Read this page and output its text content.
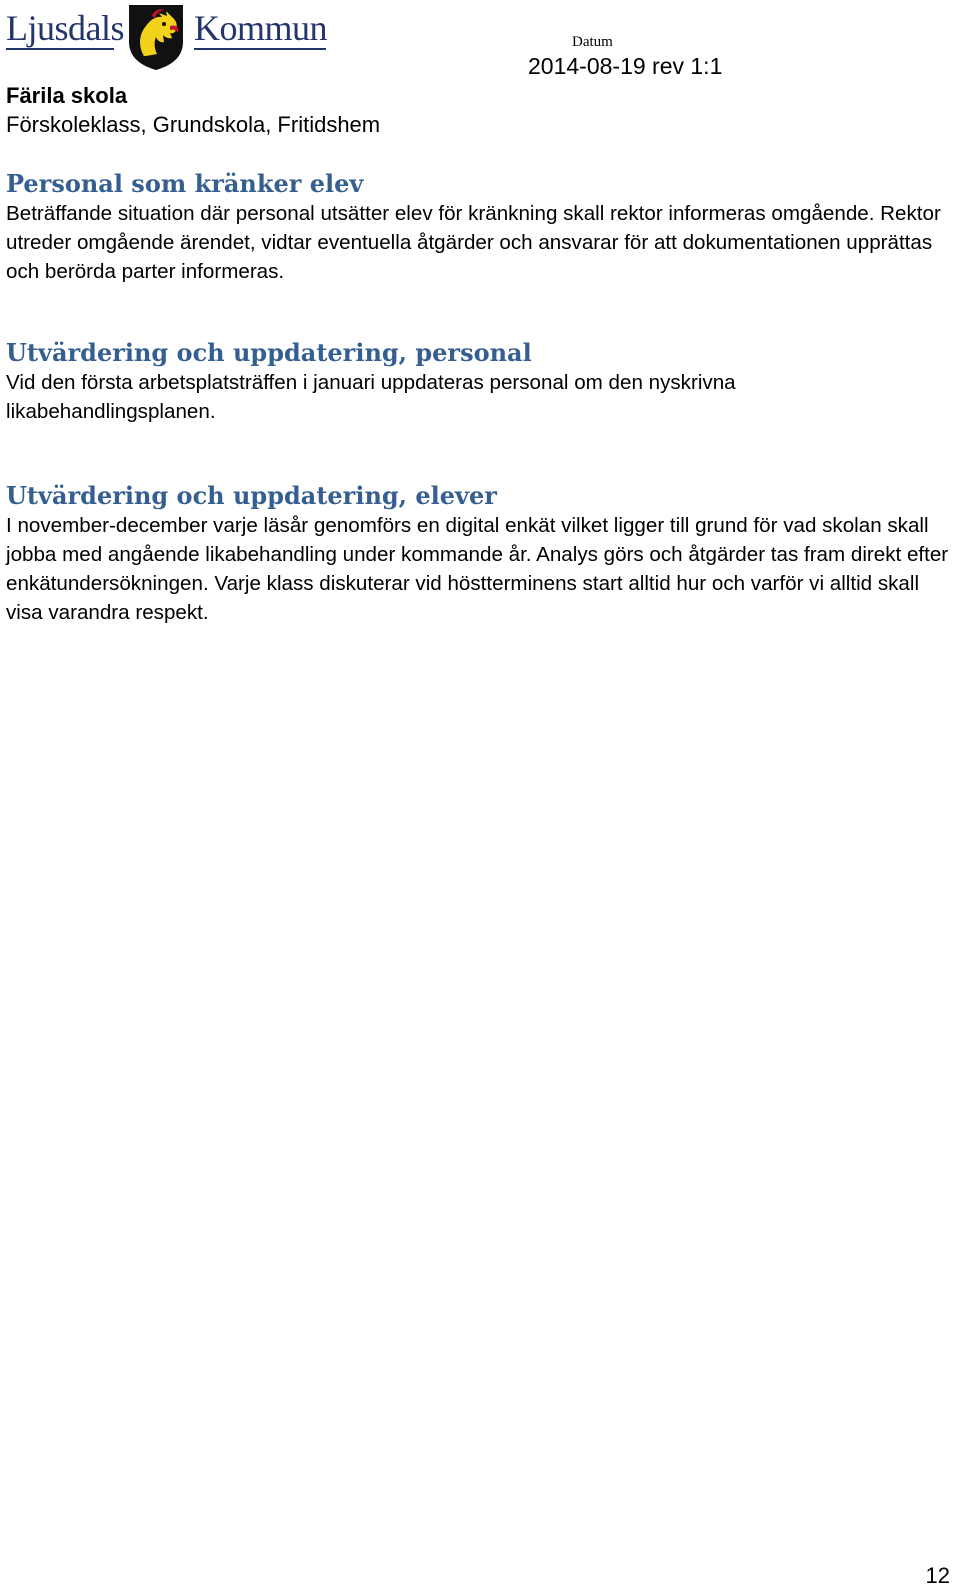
Ljusdals Kommun	Datum
2014-08-19 rev 1:1
Färila skola
Förskoleklass, Grundskola, Fritidshem
Personal som kränker elev

Beträffande situation där personal utsätter elev för kränkning skall rektor informeras omgående. Rektor utreder omgående ärendet, vidtar eventuella åtgärder och ansvarar för att dokumentationen upprättas och berörda parter informeras.

Utvärdering och uppdatering, personal

Vid den första arbetsplatsträffen i januari uppdateras personal om den nyskrivna likabehandlingsplanen.

Utvärdering och uppdatering, elever

I november-december varje läsår genomförs en digital enkät vilket ligger till grund för vad skolan skall jobba med angående likabehandling under kommande år. Analys görs och åtgärder tas fram direkt efter enkätundersökningen. Varje klass diskuterar vid höstterminens start alltid hur och varför vi alltid skall visa varandra respekt.

12
